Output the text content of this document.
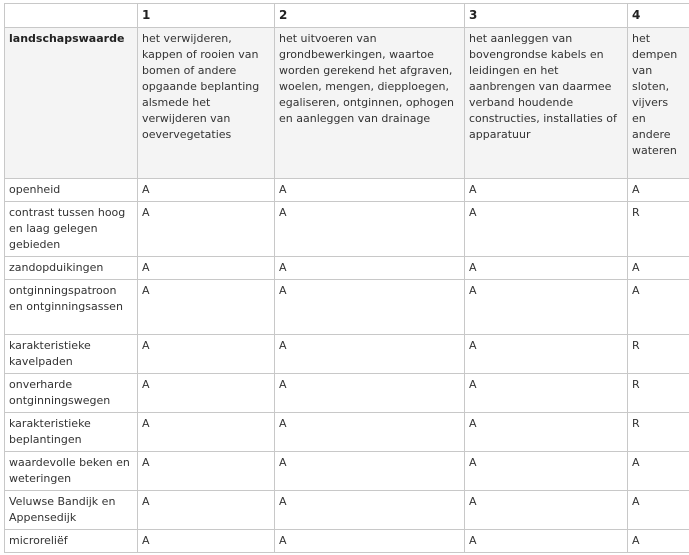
	1	2	3	4
landschapswaarde	het verwijderen, kappen of rooien van bomen of andere opgaande beplanting alsmede het verwijderen van oevervegetaties	het uitvoeren van grondbewerkingen, waartoe worden gerekend het afgraven, woelen, mengen, diepploegen, egaliseren, ontginnen, ophogen en aanleggen van drainage	het aanleggen van bovengrondse kabels en leidingen en het aanbrengen van daarmee verband houdende constructies, installaties of apparatuur	het dempen van sloten, vijvers en andere wateren
openheid	A	A	A	A
contrast tussen hoog en laag gelegen gebieden	A	A	A	R
zandopduikingen	A	A	A	A
ontginningspatroon en ontginningsassen	A	A	A	A
karakteristieke kavelpaden	A	A	A	R
onverharde ontginningswegen	A	A	A	R
karakteristieke beplantingen	A	A	A	R
waardevolle beken en weteringen	A	A	A	A
Veluwse Bandijk en Appensedijk	A	A	A	A
microreliëf	A	A	A	A
